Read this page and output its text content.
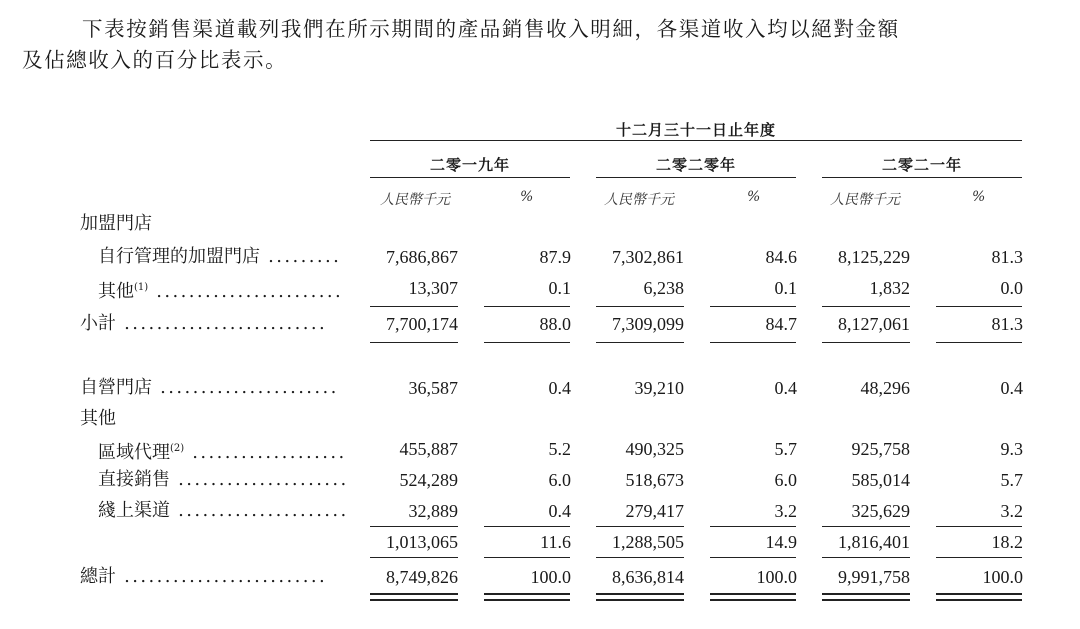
下表按銷售渠道載列我們在所示期間的產品銷售收入明細，各渠道收入均以絕對金額
及佔總收入的百分比表示。
十二月三十一日止年度
二零一九年	二零二零年	二零二一年
人民幣千元	%	人民幣千元	%	人民幣千元	%
加盟門店
自行管理的加盟門店 ......... 7,686,867	87.9 7,302,861	84.6 8,125,229	81.3
其他$^{(1)}$ .......................	13,307	0.1	6,238	0.1	1,832	0.0
小計 .........................	7,700,174	88.0 7,309,099	84.7 8,127,061	81.3
自營門店 ......................	36,587	0.4	39,210	0.4	48,296	0.4
其他
區域代理$^{(2)}$ ...................	455,887	5.2	490,325	5.7	925,758	9.3
直接銷售 .....................	524,289	6.0	518,673	6.0	585,014	5.7
綫上渠道 .....................	32,889	0.4	279,417	3.2	325,629	3.2
1,013,065	11.6 1,288,505	14.9 1,816,401	18.2
總計 .........................	8,749,826	100.0 8,636,814	100.0 9,991,758	100.0
